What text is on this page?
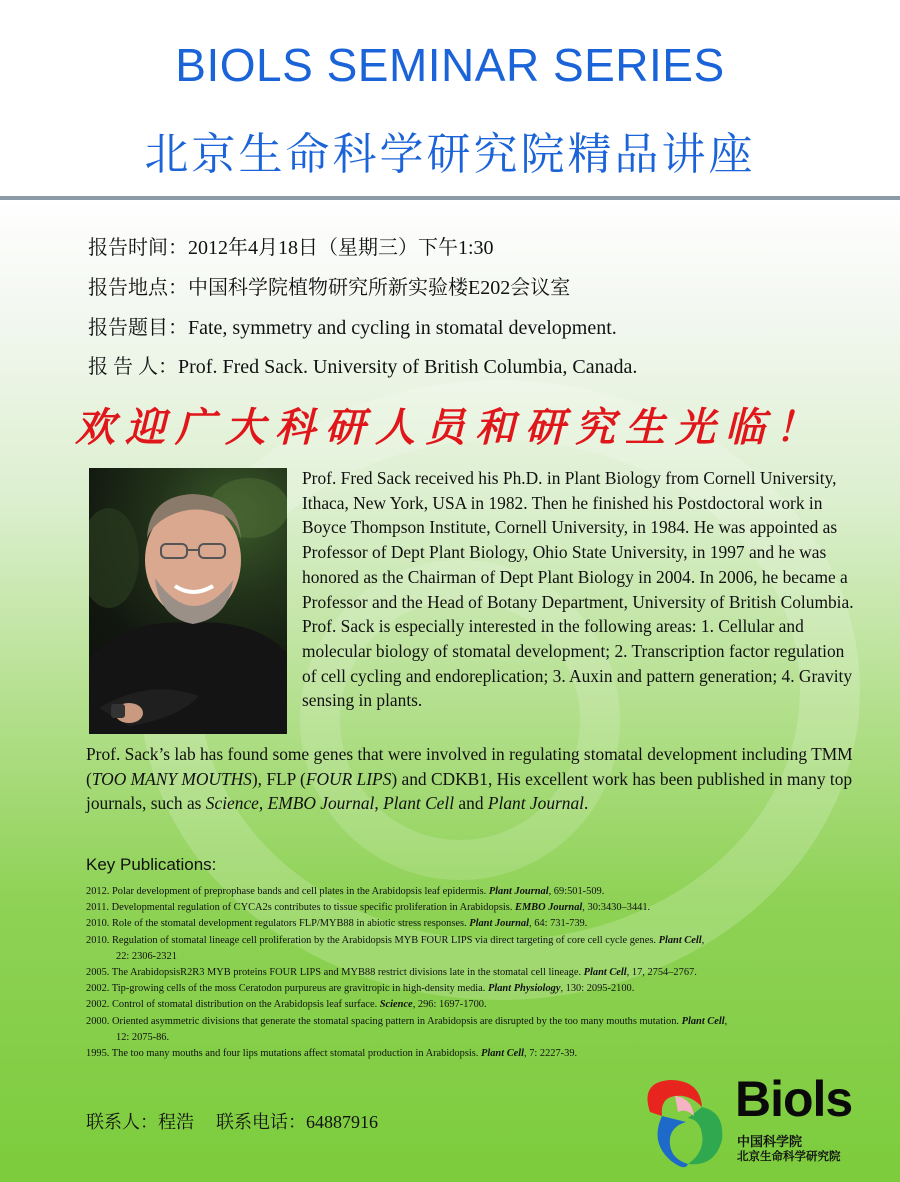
BIOLS SEMINAR SERIES
北京生命科学研究院精品讲座
报告时间：2012年4月18日（星期三）下午1:30
报告地点：中国科学院植物研究所新实验楼E202会议室
报告题目：Fate, symmetry and cycling in stomatal development.
报 告 人：Prof. Fred Sack. University of British Columbia, Canada.
欢迎广大科研人员和研究生光临！
Prof. Fred Sack received his Ph.D. in Plant Biology from Cornell University, Ithaca, New York, USA in 1982. Then he finished his Postdoctoral work in Boyce Thompson Institute, Cornell University, in 1984. He was appointed as Professor of Dept Plant Biology, Ohio State University, in 1997 and he was honored as the Chairman of Dept Plant Biology in 2004. In 2006, he became a Professor and the Head of Botany Department, University of British Columbia.
Prof. Sack is especially interested in the following areas: 1. Cellular and molecular biology of stomatal development; 2. Transcription factor regulation of cell cycling and endoreplication; 3. Auxin and pattern generation; 4. Gravity sensing in plants.
Prof. Sack’s lab has found some genes that were involved in regulating stomatal development including TMM (TOO MANY MOUTHS), FLP (FOUR LIPS) and CDKB1, His excellent work has been published in many top journals, such as Science, EMBO Journal, Plant Cell and Plant Journal.
Key Publications:
2012. Polar development of preprophase bands and cell plates in the Arabidopsis leaf epidermis. Plant Journal, 69:501-509.
2011. Developmental regulation of CYCA2s contributes to tissue specific proliferation in Arabidopsis. EMBO Journal, 30:3430–3441.
2010. Role of the stomatal development regulators FLP/MYB88 in abiotic stress responses. Plant Journal, 64: 731-739.
2010. Regulation of stomatal lineage cell proliferation by the Arabidopsis MYB FOUR LIPS via direct targeting of core cell cycle genes. Plant Cell,
22: 2306-2321
2005. The ArabidopsisR2R3 MYB proteins FOUR LIPS and MYB88 restrict divisions late in the stomatal cell lineage. Plant Cell, 17, 2754–2767.
2002. Tip-growing cells of the moss Ceratodon purpureus are gravitropic in high-density media. Plant Physiology, 130: 2095-2100.
2002. Control of stomatal distribution on the Arabidopsis leaf surface. Science, 296: 1697-1700.
2000. Oriented asymmetric divisions that generate the stomatal spacing pattern in Arabidopsis are disrupted by the too many mouths mutation. Plant Cell,
12: 2075-86.
1995. The too many mouths and four lips mutations affect stomatal production in Arabidopsis. Plant Cell, 7: 2227-39.
联系人：程浩 联系电话：64887916	Biols
中国科学院
北京生命科学研究院
